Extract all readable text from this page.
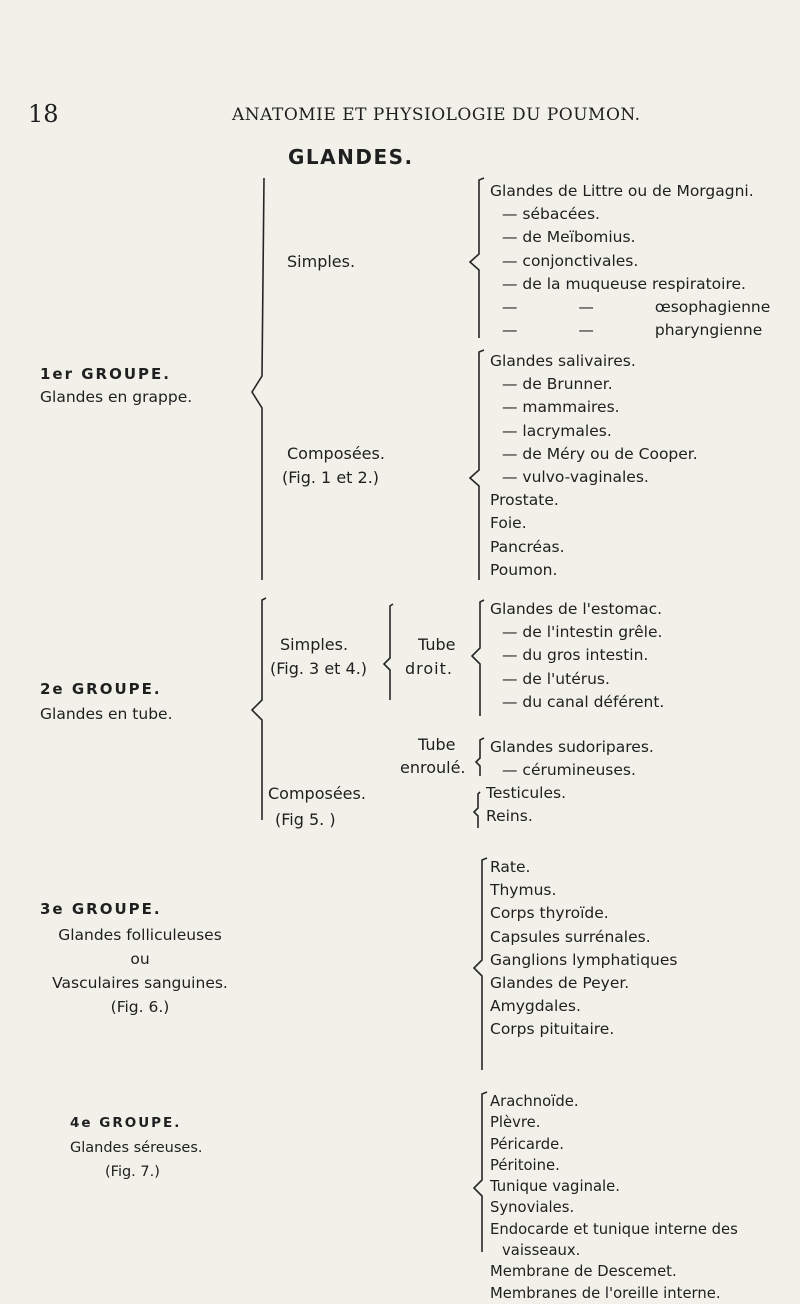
18	ANATOMIE ET PHYSIOLOGIE DU POUMON.
GLANDES.
1er GROUPE.
Glandes en grappe.
Simples.
Glandes de Littre ou de Morgagni.
— sébacées.
— de Meïbomius.
— conjonctivales.
— de la muqueuse respiratoire.
— — œsophagienne
— — pharyngienne
Composées.
(Fig. 1 et 2.)
Glandes salivaires.
— de Brunner.
— mammaires.
— lacrymales.
— de Méry ou de Cooper.
— vulvo-vaginales.
Prostate.
Foie.
Pancréas.
Poumon.
2e GROUPE.
Glandes en tube.
Simples.
(Fig. 3 et 4.)
Tube
droit.
Glandes de l'estomac.
— de l'intestin grêle.
— du gros intestin.
— de l'utérus.
— du canal déférent.
Tube
enroulé.
Glandes sudoripares.
— cérumineuses.
Composées.
(Fig 5. )
Testicules.
Reins.
3e GROUPE.
Glandes folliculeuses
ou
Vasculaires sanguines.
(Fig. 6.)
Rate.
Thymus.
Corps thyroïde.
Capsules surrénales.
Ganglions lymphatiques
Glandes de Peyer.
Amygdales.
Corps pituitaire.
4e GROUPE.
Glandes séreuses.
(Fig. 7.)
Arachnoïde.
Plèvre.
Péricarde.
Péritoine.
Tunique vaginale.
Synoviales.
Endocarde et tunique interne des
vaisseaux.
Membrane de Descemet.
Membranes de l'oreille interne.
